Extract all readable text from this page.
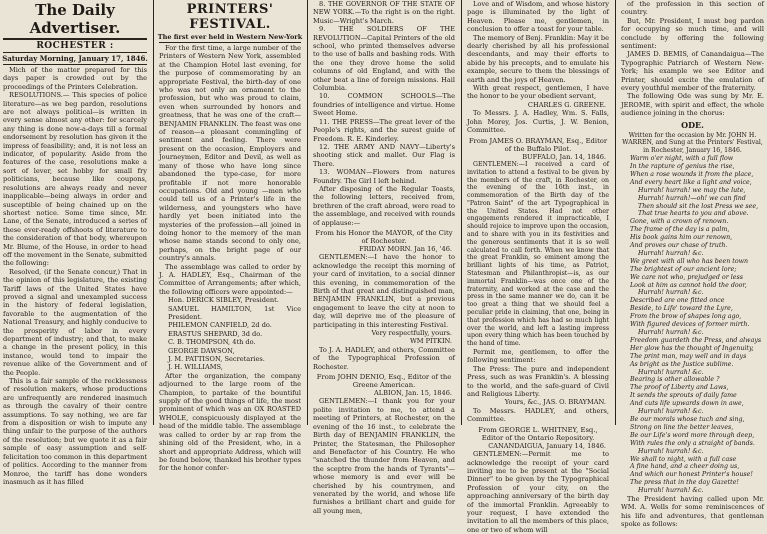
The Daily Advertiser.
ROCHESTER :
Saturday Morning, January 17, 1846.

Mich of the matter prepared for this days paper is crowded out by the proceedings of the Printers Celebration.

RESOLUTIONS.— This species of police literature—as we beg pardon, resolutions are not always political—is written in every sense almost any other: for scarcely any thing is done now-a-days till a formal endorsement by resolution has given it the impress of feasibility; and, it is not less an indicator, of popularity. Aside from the features of the case, resolutions make a sort of lever, set hobby for small fry politicians, because like coupons, resolutions are always ready and never inapplicable—being always in order and susceptible of being chained up on the shortest notice. Some time since, Mr. Lane, of the Senate, introduced a series of these ever-ready offshoots of literature to the consideration of that body, whereupon Mr. Blume, of the House, in order to head off the movement in the Senate, submitted the following:

Resolved, (if the Senate concur,) That in the opinion of this legislature, the existing Tariff laws of the United States have proved a signal and unexampled success in the history of federal legislation, favorable to the augmentation of the National Treasury, and highly conducive to the prosperity of labor in every department of industry; and that, to make a change in the present policy, in this instance, would tend to impair the revenue alike of the Government and of the People.

This is a fair sample of the recklessness of resolution makers, whose productions are unfrequently are rendered inasmuch as through the cavalry of their centre assumptions. To say nothing, we are far from a disposition or wish to impute any thing unfair to the purpose of the authors of the resolution; but we quote it as a fair sample of easy assumption and self-felicitation too common in this department of politics. According to the manner from Monroe, the tariff has done wonders inasmuch as it has filled

PRINTERS' FESTIVAL.
The first ever held in Western New-York

For the first time, a large number of the Printers of Western New York, assembled at the Champion Hotel last evening, for the purpose of commemorating by an appropriate Festival, the birth-day of one who was not only an ornament to the profession, but who was proud to claim, even when surrounded by honors and greatness, that he was one of the craft—BENJAMIN FRANKLIN. The feast was one of reason—a pleasant commingling of sentiment and feeling. There were present on the occasion, Employers and Journeymen, Editor and Devil, as well as many of those who have long since abandoned the type-case, for more profitable if not more honorable occupations. Old and young —men who could tell us of a Printer's life in the wilderness, and youngsters who have hardly yet been initiated into the mysteries of the profession—all joined in doing honor to the memory of the man whose name stands second to only one, perhaps, on the bright page of our country's annals.

The assemblage was called to order by J. A. HADLEY, Esq., Chairman of the Committee of Arrangements; after which, the following officers were appointed:—

Hon. DERICK SIBLEY, President.

SAMUEL HAMILTON, 1st Vice President.

PHILEMON CANFIELD, 2d do.

ERASTUS SHEPARD, 3d do.

C. B. THOMPSON, 4th do.

GEORGE DAWSON,

J. M. PATTISON, Secretaries.

J. H. WILLIAMS,

After the organization, the company adjourned to the large room of the Champion, to partake of the bountiful supply of the good things of life, the most prominent of which was an OX ROASTED WHOLE, conspicuously displayed at the head of the middle table. The assemblage was called to order by ar rap from the shining old of the President, who, in a short and appropriate Address, which will be found below, thanked his brother types for the honor confer-

8. THE GOVERNOR OF THE STATE OF NEW YORK.—To the right is on the right. Music—Wright's March.

9. THE SOLDIERS OF THE REVOLUTION—Capital Printers of the old school, who printed themselves adverse to the use of balls and bashing rods. With the one they drove home the solid columns of old England, and with the other beat a line of foreign missions. Hail Columbia.

10. COMMON SCHOOLS—The foundries of intelligence and virtue. Home Sweet Home.

11. THE PRESS—The great lever of the People's rights, and the surest guide of Freedom. R. E. Kinderley.

12. THE ARMY AND NAVY—Liberty's shooting stick and mallet. Our Flag is There.

13. WOMAN—Flowers from natures Foundry. The Girl I left behind.

After disposing of the Regular Toasts, the following letters, received from, brethren of the craft abroad, were read to the assemblage, and received with rounds of applause:—

From his Honor the MAYOR, of the City of Rochester.

FRIDAY MORN. Jan 16, '46.

GENTLEMEN:—I have the honor to acknowledge the receipt this morning of your card of invitation, to a social dinner this evening, in commemoration of the Birth of that great and distinguished man, BENJAMIN FRANKLIN, but a previous engagement to leave the city at noon to day, will deprive me of the pleasure of participating in this interesting Festival.

Very respectfully, yours.

WM PITKIN.

To J. A. HADLEY, and others, Committee of the Typographical Profession of Rochester.

From JOHN DENIO, Esq., Editor of the Greene American.

ALBION, Jan. 15, 1846.

GENTLEMEN:—I thank you for your polite invitation to me, to attend a meeting of Printers, at Rochester, on the evening of the 16 inst., to celebrate the Birth day of BENJAMIN FRANKLIN, the Printer, the Statesman, the Philosopher and Benefactor of his Country. He who "snatched the thunder from Heaven, and the sceptre from the hands of Tyrants"—whose memory is and ever will be cherished by his countrymen, and venerated by the world, and whose life furnishes a brilliant chart and guide for all young men,

Love and of Wisdom, and whose history page is illuminated by the light of Heaven. Please me, gentlemen, in conclusion to offer a toast for your table.

The memory of Benj. Franklin: May it be dearly cherished by all his professional descendants, and may their efforts to abide by his precepts, and to emulate his example, secure to them the blessings of earth and the joys of Heaven.

With great respect, gentlemen, I have the honor to be your obedient servant,

CHARLES G. GREENE.

To Messrs. J. A. Hadley, Wm. S. Falls, John Morey, Jos. Curtis, J. W. Benion, Committee.

From JAMES O. BRAYMAN, Esq., Editor of the Buffalo Pilot.

BUFFALO, Jan. 14, 1846.

GENTLEMEN:—I received a card of invitation to attend a festival to be given by the members of the craft, in Rochester, on the evening of the 16th inst., in commemoration of the Birth day of the "Patron Saint" of the art Typographical in the United States. Had not other engagements rendered it impracticable, I should rejoice to improve upon the occasion, and to share with you in its festivities and the generous sentiments that it is so well calculated to call forth. When we know that the great Franklin, so eminent among the brilliant lights of his time, as Patriot, Statesman and Philanthropist—is, as our immortal Franklin—was once one of the fraternity, and worked at the case and the press in the same manner we do, can it be too great a thing that we should feel a peculiar pride in claiming, that one, being in that profession which has had so much light over the world, and left a lasting impress upon every thing which has been touched by the hand of time.

Permit me, gentlemen, to offer the following sentiment:

The Press: The pure and independent Press, such as was Franklin's. A blessing to the world, and the safe-guard of Civil and Religious Liberty.

Yours, &c., JAS. O. BRAYMAN.

To Messrs. HADLEY, and others, Committee.

From GEORGE L. WHITNEY, Esq., Editor of the Ontario Repository.

CANANDAIGUA, January 14, 1846.

GENTLEMEN:—Permit me to acknowledge the receipt of your card inviting me to be present at the "Social Dinner" to be given by the Typographical Profession of your city, on the approaching anniversary of the birth day of the immortal Franklin. Agreeably to your request, I have extended the invitation to all the members of this place, one or two of whom will

of the profession in this section of country.

But, Mr. President, I must beg pardon for occupying so much time, and will conclude by offering the following sentiment:

JAMES D. BEMIS, of Canandaigua—The Typographic Patriarch of Western New-York; his example we see Editor and Printer, should excite the emulation of every youthful member of the fraternity.

The following Ode was sung by Mr. E. JEROME, with spirit and effect, the whole audience joining in the chorus:

ODE.

Written for the occasion by Mr. JOHN H. WARREN, and Sung at the Printers' Festival, in Rochester, January 16, 1846.

Warm o'er night, with a full flow

In the rapture of genius the rise,

When a rose wounds it from the place,

And every heart like a light and voice,

Hurrah! hurrah! we may the lute,

Hurrah! hurrah!—oh! we can find

Then should sit the lost Press we see,

That true hearts to you and above.

Gone, with a crown of renown.

The frame of the day is a palm,

His book gains him our renown,

And proves our chase of truth.

Hurrah! hurrah! &c.

We greet with all who has been town

The brightest of our ancient lore;

We care not who, prejudged or less

Look at him as cannot hold the door,

Hurrah! hurrah! &c.

Described are one fitted once

Beside, to Life' toward the Lyre,

From the brow of shapes long ago,

With figured devices of former mirth.

Hurrah! hurrah! &c.

Freedom guardeth the Press, and always

Her glow has the thought of Ingenuity,

The print man, may well and in days

As bright as the Justice sublime.

Hurrah! hurrah! &c.

Bearing is other allowable ?

The proof of Liberty and Laws,

It sends the sprouts of daily fame

And cuts life upwards down in awe,

Hurrah! hurrah! &c.

Be our morals whose tuch and sing,

Strong on line the better leaves,

Be our Life's word more through deep,

With rules the only a straight of bands.

Hurrah! hurrah! &c.

We shall to night, with a full case

A fine hand, and a cheer doing us,

And which our honest Printer's house!

The press that in the day Gazette!

Hurrah! hurrah! &c.

The President having called upon Mr. WM. A. Wells for some reminiscences of his life and adventures, that gentleman spoke as follows:
